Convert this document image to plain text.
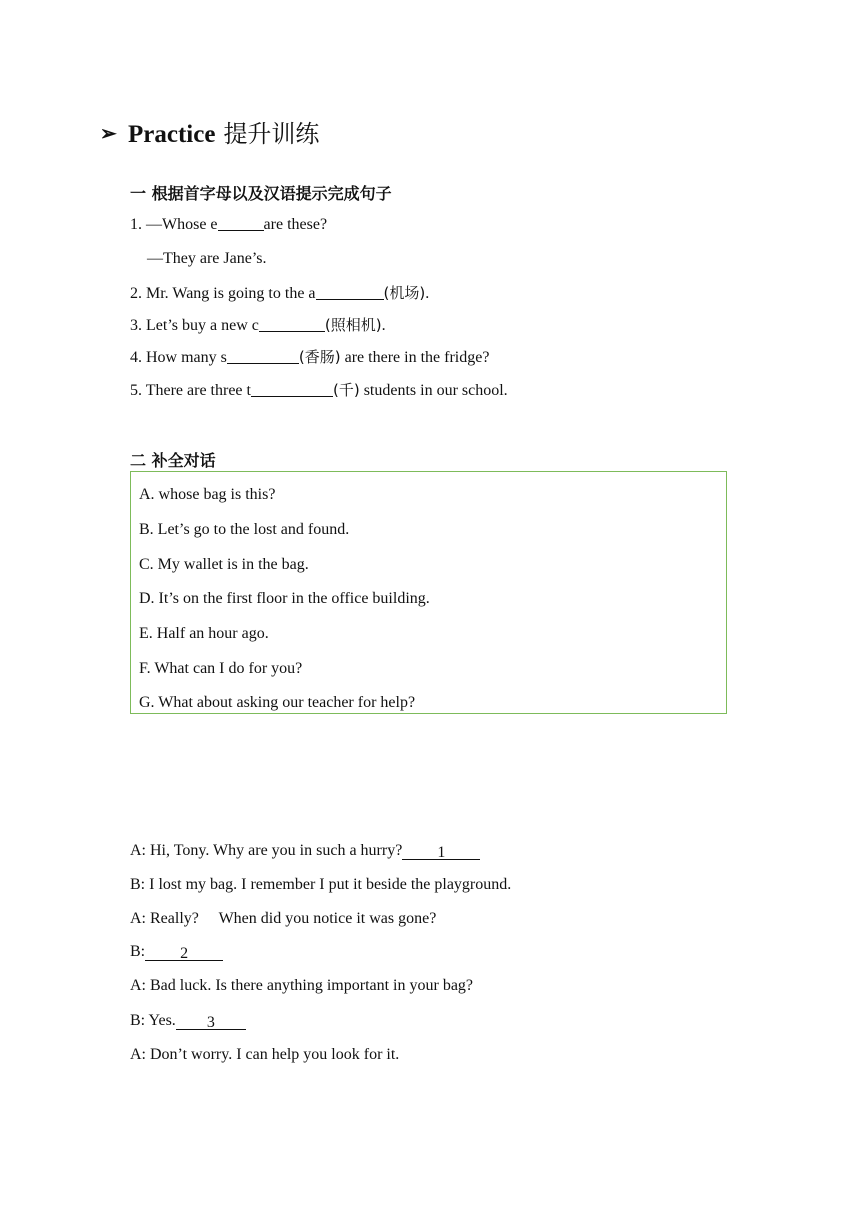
➢ Practice 提升训练
一 根据首字母以及汉语提示完成句子
1. —Whose e	are these?
—They are Jane’s.
2. Mr. Wang is going to the a	(机场).
3. Let’s buy a new c	(照相机).
4. How many s	(香肠) are there in the fridge?
5. There are three t	(千) students in our school.
二 补全对话
A. whose bag is this?
B. Let’s go to the lost and found.
C. My wallet is in the bag.
D. It’s on the first floor in the office building.
E. Half an hour ago.
F. What can I do for you?
G. What about asking our teacher for help?
A: Hi, Tony. Why are you in such a hurry? 1
B: I lost my bag. I remember I put it beside the playground.
A: Really?     When did you notice it was gone?
B: 2
A: Bad luck. Is there anything important in your bag?
B: Yes. 3
A: Don’t worry. I can help you look for it.
